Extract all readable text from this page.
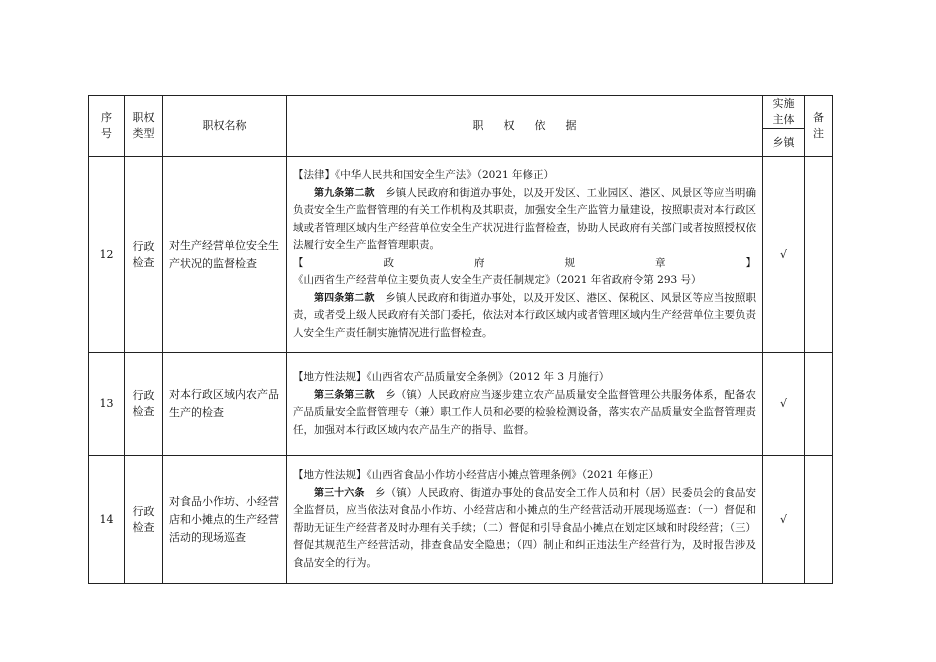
序号	职权类型	职权名称	职权依据	实施主体	备注

				乡镇	
12	行政检查	对生产经营单位安全生产状况的监督检查	【法律】《中华人民共和国安全生产法》（2021 年修正）

第九条第二款　乡镇人民政府和街道办事处，以及开发区、工业园区、港区、风景区等应当明确负责安全生产监督管理的有关工作机构及其职责，加强安全生产监管力量建设，按照职责对本行政区域或者管理区域内生产经营单位安全生产状况进行监督检查，协助人民政府有关部门或者按照授权依法履行安全生产监督管理职责。

【政府规章】《山西省生产经营单位主要负责人安全生产责任制规定》（2021 年省政府令第 293 号）

第四条第二款　乡镇人民政府和街道办事处，以及开发区、港区、保税区、风景区等应当按照职责，或者受上级人民政府有关部门委托，依法对本行政区域内或者管理区域内生产经营单位主要负责人安全生产责任制实施情况进行监督检查。	√	
13	行政检查	对本行政区域内农产品生产的检查	【地方性法规】《山西省农产品质量安全条例》（2012 年 3 月施行）

第三条第三款　乡（镇）人民政府应当逐步建立农产品质量安全监督管理公共服务体系，配备农产品质量安全监督管理专（兼）职工作人员和必要的检验检测设备，落实农产品质量安全监督管理责任，加强对本行政区域内农产品生产的指导、监督。	√	
14	行政检查	对食品小作坊、小经营店和小摊点的生产经营活动的现场巡查	【地方性法规】《山西省食品小作坊小经营店小摊点管理条例》（2021 年修正）

第三十六条　乡（镇）人民政府、街道办事处的食品安全工作人员和村（居）民委员会的食品安全监督员，应当依法对食品小作坊、小经营店和小摊点的生产经营活动开展现场巡查：（一）督促和帮助无证生产经营者及时办理有关手续；（二）督促和引导食品小摊点在划定区域和时段经营；（三）督促其规范生产经营活动，排查食品安全隐患；（四）制止和纠正违法生产经营行为，及时报告涉及食品安全的行为。	√	
